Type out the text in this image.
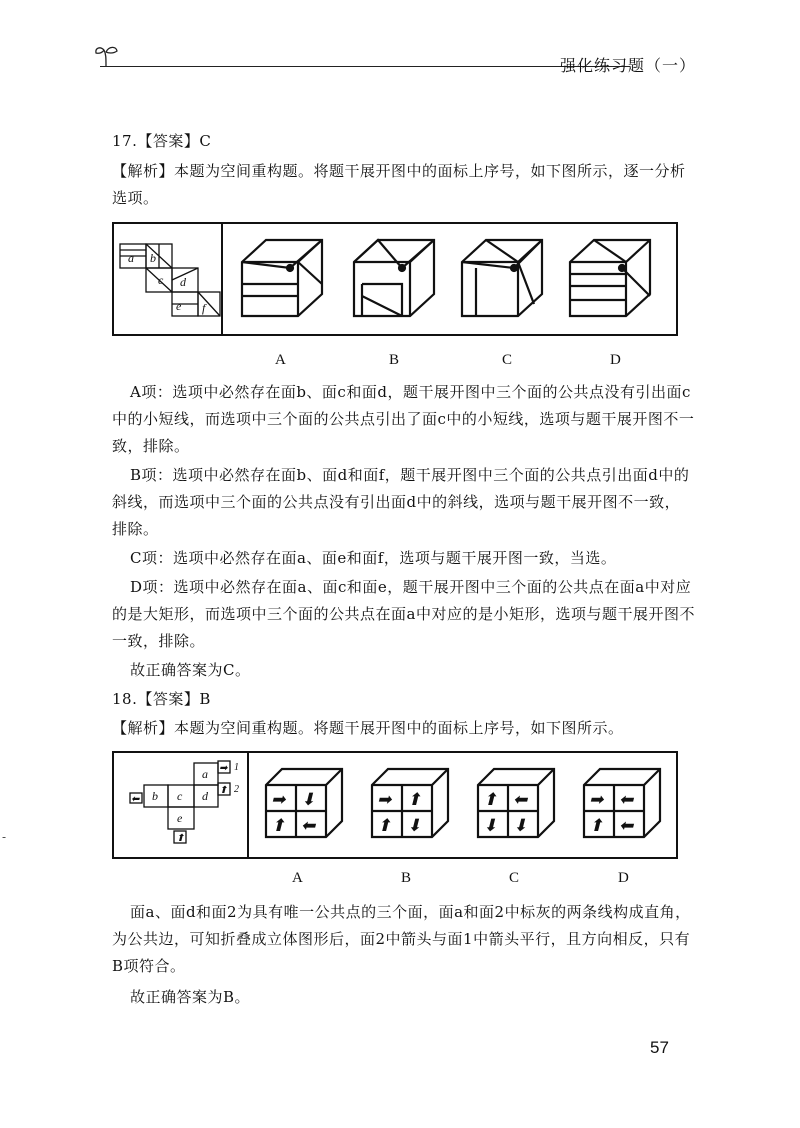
强化练习题（一）
17.【答案】C
【解析】本题为空间重构题。将题干展开图中的面标上序号，如下图所示，逐一分析选项。
a b
c d
e f
A	B	C	D
A项：选项中必然存在面b、面c和面d，题干展开图中三个面的公共点没有引出面c中的小短线，而选项中三个面的公共点引出了面c中的小短线，选项与题干展开图不一致，排除。
B项：选项中必然存在面b、面d和面f，题干展开图中三个面的公共点引出面d中的斜线，而选项中三个面的公共点没有引出面d中的斜线，选项与题干展开图不一致，排除。
C项：选项中必然存在面a、面e和面f，选项与题干展开图一致，当选。
D项：选项中必然存在面a、面c和面e，题干展开图中三个面的公共点在面a中对应的是大矩形，而选项中三个面的公共点在面a中对应的是小矩形，选项与题干展开图不一致，排除。
故正确答案为C。
18.【答案】B
【解析】本题为空间重构题。将题干展开图中的面标上序号，如下图所示。
a
b c d
e
1
2
➡
⬆
⬅
⬆
➡ ⬇
⬆ ⬅
➡ ⬆
⬆ ⬇
⬆ ⬅
⬇ ⬇
➡ ⬅
⬆ ⬅
A	B	C	D
面a、面d和面2为具有唯一公共点的三个面，面a和面2中标灰的两条线构成直角，为公共边，可知折叠成立体图形后，面2中箭头与面1中箭头平行，且方向相反，只有B项符合。
故正确答案为B。
-
57
